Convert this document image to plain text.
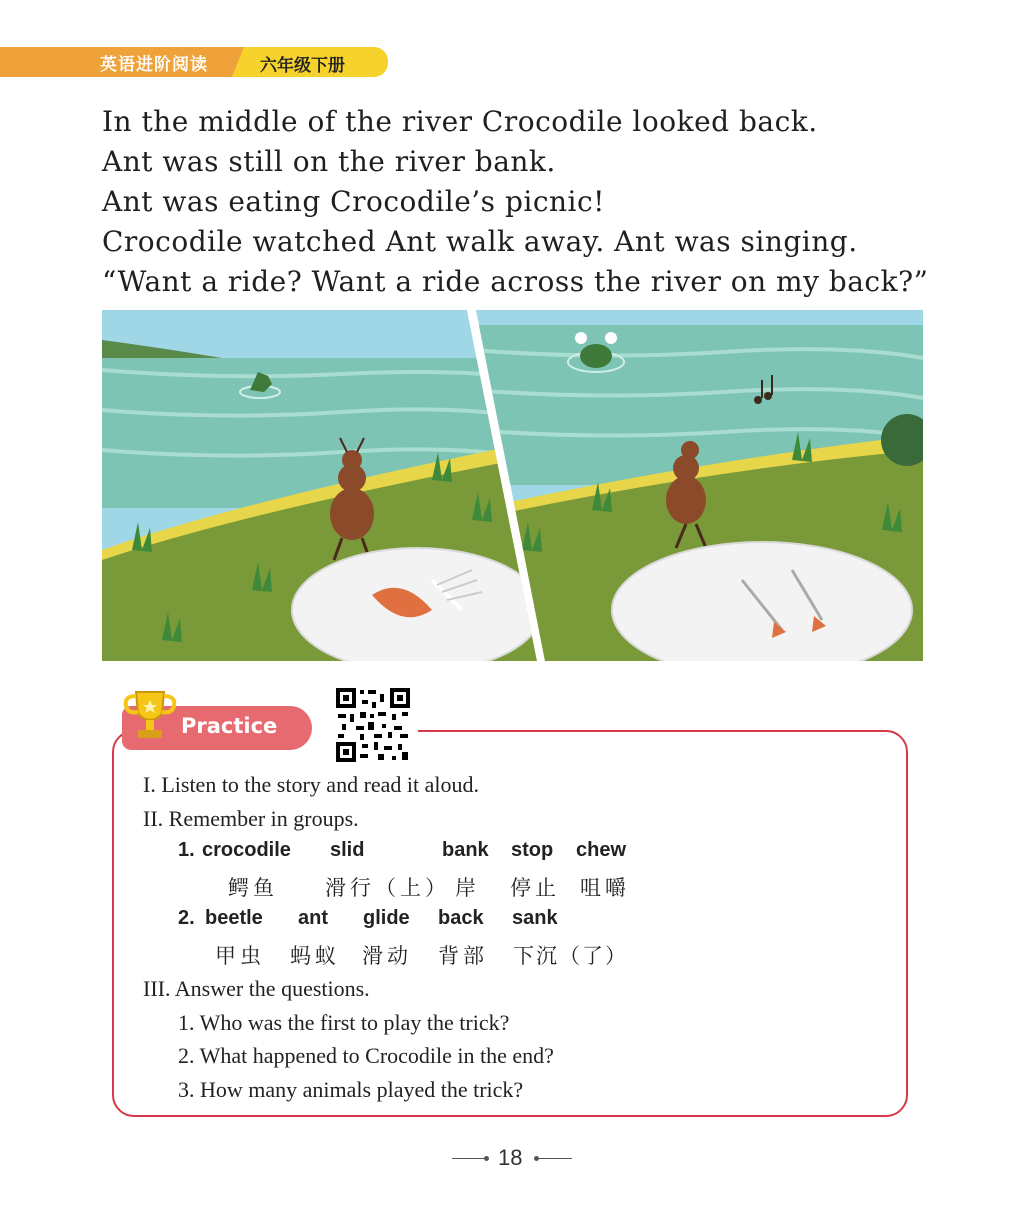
英语进阶阅读	六年级下册
In the middle of the river Crocodile looked back.
Ant was still on the river bank.
Ant was eating Crocodile’s picnic!
Crocodile watched Ant walk away. Ant was singing.
“Want a ride? Want a ride across the river on my back?”
Practice
I. Listen to the story and read it aloud.
II. Remember in groups.
1. crocodile slid	bank stop chew
鳄鱼 滑行（上） 岸 停止 咀嚼
2. beetle ant glide back sank
甲虫 蚂蚁 滑动 背部 下沉（了）
III. Answer the questions.
1. Who was the first to play the trick?
2. What happened to Crocodile in the end?
3. How many animals played the trick?
18
